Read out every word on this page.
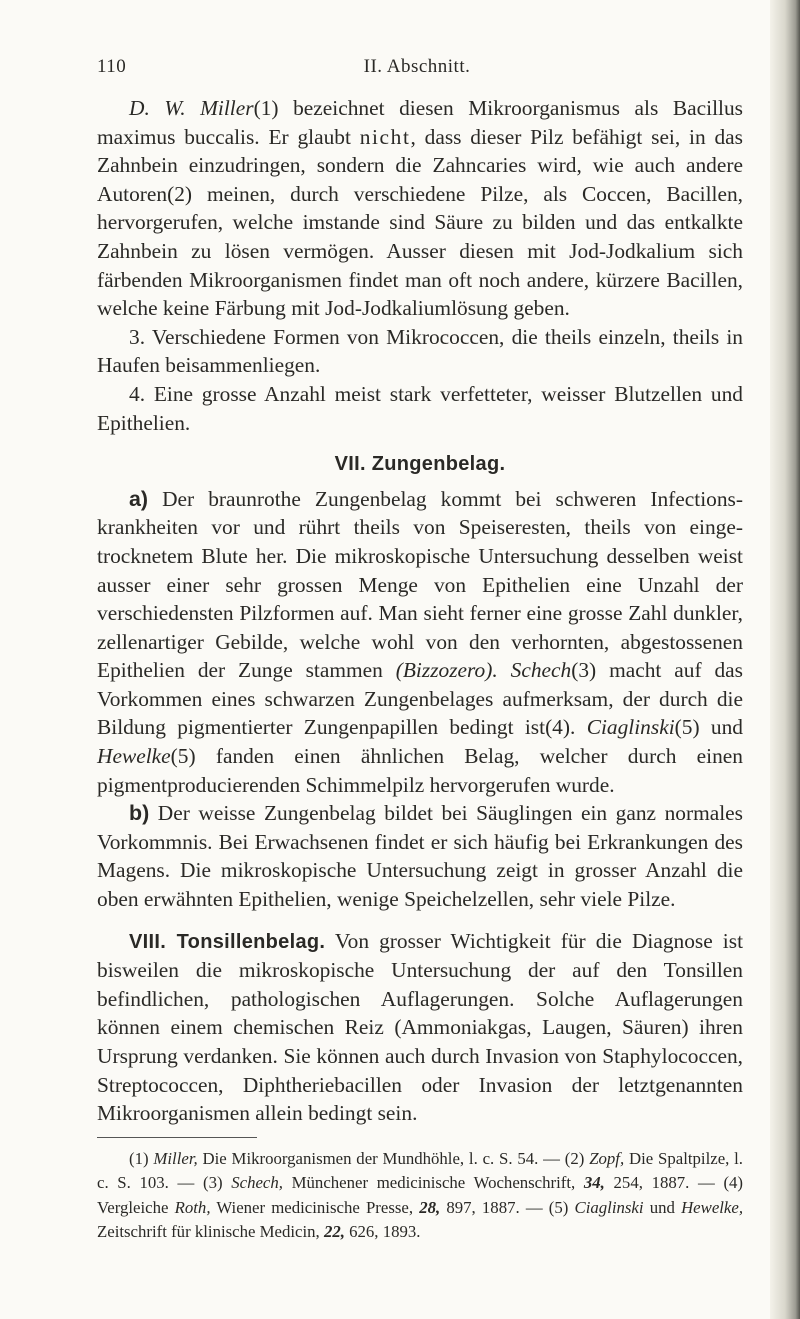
110	II. Abschnitt.

D. W. Miller(1) bezeichnet diesen Mikroorganismus als Bacillus maximus buccalis. Er glaubt nicht, dass dieser Pilz befähigt sei, in das Zahnbein einzudringen, sondern die Zahncaries wird, wie auch andere Autoren(2) meinen, durch verschiedene Pilze, als Coccen, Bacillen, hervorgerufen, welche imstande sind Säure zu bilden und das entkalkte Zahnbein zu lösen vermögen. Ausser diesen mit Jod-Jodkalium sich färbenden Mikroorganismen findet man oft noch andere, kürzere Bacillen, welche keine Färbung mit Jod-Jodkaliumlösung geben.

3. Verschiedene Formen von Mikrococcen, die theils einzeln, theils in Haufen beisammenliegen.

4. Eine grosse Anzahl meist stark verfetteter, weisser Blutzellen und Epithelien.

VII. Zungenbelag.

a) Der braunrothe Zungenbelag kommt bei schweren Infectionskrankheiten vor und rührt theils von Speiseresten, theils von eingetrocknetem Blute her. Die mikroskopische Untersuchung desselben weist ausser einer sehr grossen Menge von Epithelien eine Unzahl der verschiedensten Pilzformen auf. Man sieht ferner eine grosse Zahl dunkler, zellenartiger Gebilde, welche wohl von den verhornten, abgestossenen Epithelien der Zunge stammen (Bizzozero). Schech(3) macht auf das Vorkommen eines schwarzen Zungenbelages aufmerksam, der durch die Bildung pigmentierter Zungenpapillen bedingt ist(4). Ciaglinski(5) und Hewelke(5) fanden einen ähnlichen Belag, welcher durch einen pigmentproducierenden Schimmelpilz hervorgerufen wurde.

b) Der weisse Zungenbelag bildet bei Säuglingen ein ganz normales Vorkommnis. Bei Erwachsenen findet er sich häufig bei Erkrankungen des Magens. Die mikroskopische Untersuchung zeigt in grosser Anzahl die oben erwähnten Epithelien, wenige Speichelzellen, sehr viele Pilze.

VIII. Tonsillenbelag. Von grosser Wichtigkeit für die Diagnose ist bisweilen die mikroskopische Untersuchung der auf den Tonsillen befindlichen, pathologischen Auflagerungen. Solche Auflagerungen können einem chemischen Reiz (Ammoniakgas, Laugen, Säuren) ihren Ursprung verdanken. Sie können auch durch Invasion von Staphylococcen, Streptococcen, Diphtheriebacillen oder Invasion der letztgenannten Mikroorganismen allein bedingt sein.

(1) Miller, Die Mikroorganismen der Mundhöhle, l. c. S. 54. — (2) Zopf, Die Spaltpilze, l. c. S. 103. — (3) Schech, Münchener medicinische Wochenschrift, 34, 254, 1887. — (4) Vergleiche Roth, Wiener medicinische Presse, 28, 897, 1887. — (5) Ciaglinski und Hewelke, Zeitschrift für klinische Medicin, 22, 626, 1893.
